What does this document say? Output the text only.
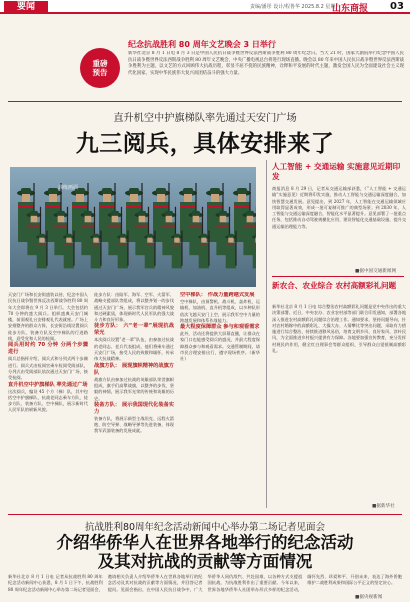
要闻	责编/潘彤 设计/程鲁华 2025.8.2 星期六
山东商报 03
重磅
预告
纪念抗战胜利 80 周年文艺晚会 3 日举行
新华社北京 8 月 1 日电 8 月 3 日是中国人民抗日战争暨世界反法西斯战争胜利 80 周年纪念日。当天 21 时，国家大剧院举行纪念中国人民抗日战争暨世界反法西斯战争胜利 80 周年文艺晚会，中央广播电视总台将进行现场直播。晚会以 80 年来中国人民抗日战争暨世界反法西斯战争胜利为主题，以文艺的方式回顾伟大抗战历程，彰显不屈不挠的民族精神，诠释和平发展的时代主题，激发全国人民为全面建设社会主义现代化国家、实现中华民族伟大复兴而团结奋斗的强大力量。
直升机空中护旗梯队率先通过天安门广场
九三阅兵，具体安排来了
训练画面

天安门广场和长安街盛装以待，纪念中国人民抗日战争暨世界反法西斯战争胜利 80 周年大会即将在 9 月 3 日举行。大会包括约 70 分钟的盛大阅兵。组织盛典天安门城楼，前面观礼台安排观礼代表就座。广场上安排整齐的群众方阵，长安街沿线设置阅兵徒步方队、装备方队及空中梯队的行进路线，迎受党和人民的检阅。

阅兵用时约 70 分钟 分两个步骤进行

阅兵总指挥介绍，阅兵式和分列式两个步骤进行。阅兵式由检阅官乘车检阅受阅部队，分列式由受阅部队依次通过天安门广场，接受检阅。

直升机空中护旗梯队 率先通过广场

这次阅兵，编设 45 个方（梯）队，其中包括空中护旗梯队、抗战老同志乘车方队、徒步方队、装备方队、空中梯队，展示新时代人民军队的崭新风貌。

徒步方队：由陆军、海军、空军、火箭军、战略支援部队等组成，将以整齐划一的步伐通过天安门广场，展示我军官兵的精神风貌和过硬素质，体现新时代人民军队的强大战斗力和良好形象。

徒步方队： 六“老一辈”展现抗战荣光

本次阅兵设置“老一辈”队伍，由参加过抗战的老同志、老兵代表组成，他们将乘车通过天安门广场，接受人民的致敬和缅怀，传承伟大抗战精神。

战旗方队： 展现旗帜精神的战旗方队

战旗方队由参加过抗战的英雄部队荣誉旗帜组成，旗手们高擎战旗，以整齐的步伐、坚毅的神情，展示我军光荣的传统和英雄的历史。

装备方队： 展示我国现代化装备实力

装备方队，将展示新型主战坦克、远程火箭炮、防空导弹、战略导弹等先进装备，体现我军武器装备的发展成就。

空中梯队： 作战力量跨越式发展

空中梯队，由预警机、战斗机、轰炸机、运输机、加油机、直升机等组成，以多种队形依次飞越天安门上空，展示我军空中力量的跨越发展和体系作战能力。

最大程度保障群众 参与和观看需求

此外，活动还将提供大屏幕直播，让群众在家门口也能感受阅兵的盛况，并最大程度保障群众参与和观看需求。交通管制期间，请市民合理安排出行，遵守现场秩序。（新华社）

人工智能 + 交通运输 实施意见近期印发
商报消息 8 月 29 日，记者从交通运输部获悉，《“人工智能 + 交通运输”实施意见》近期将印发实施，推动人工智能与交通运输深度融合，加快智慧交通发展。意见提出，到 2027 年，人工智能在交通运输领域应用取得显著成效，形成一批可复制可推广的典型场景；到 2030 年，人工智能与交通运输深度融合，智能化水平显著提升。意见部署了一批重点任务，包括推动自动驾驶规模化应用、建设智能化交通基础设施、提升交通运输治理能力等。
■据中国交通新闻网
新农合、农业综合 农村高额彩礼问题
新华社北京 8 月 1 日电 综合整治农村高额彩礼问题是党中央作出的重大决策部署。近日，中央农办、农业农村部等部门联合印发通知，部署各地深入推进农村高额彩礼问题综合治理工作。通知要求，坚持问题导向，针对农村婚嫁中的高额彩礼、大操大办、人情攀比等突出问题，采取有力措施进行综合整治，持续推进移风易俗，培育文明乡风、良好家风、淳朴民风，为全面推进乡村振兴提供有力保障。各地要加强宣传教育，充分发挥村规民约作用，健全红白理事会等群众组织，引导群众自觉抵制高额彩礼。
■据新华社
抗战胜利80周年纪念活动新闻中心举办第二场记者见面会
介绍华侨华人在世界各地举行的纪念活动
及其对抗战的贡献等方面情况
新华社北京 8 月 1 日电 记者从抗战胜利 80 周年纪念活动新闻中心获悉，8 月 1 日下午，抗战胜利 80 周年纪念活动新闻中心举办第二场记者见面会，邀请相关负责人介绍华侨华人在世界各地举行的纪念活动及其对抗战的贡献等方面情况，并回答记者提问。见面会指出，在中国人民抗日战争中，广大华侨华人同仇敌忾、共赴国难，以各种方式支援祖国抗战，为抗战胜利作出了重要贡献。今年以来，世界各地华侨华人社团举办形式多样的纪念活动，缅怀先烈、珍爱和平、开创未来，表达了海外侨胞维护二战胜利成果和国际公平正义的坚定决心。
■据央视新闻
